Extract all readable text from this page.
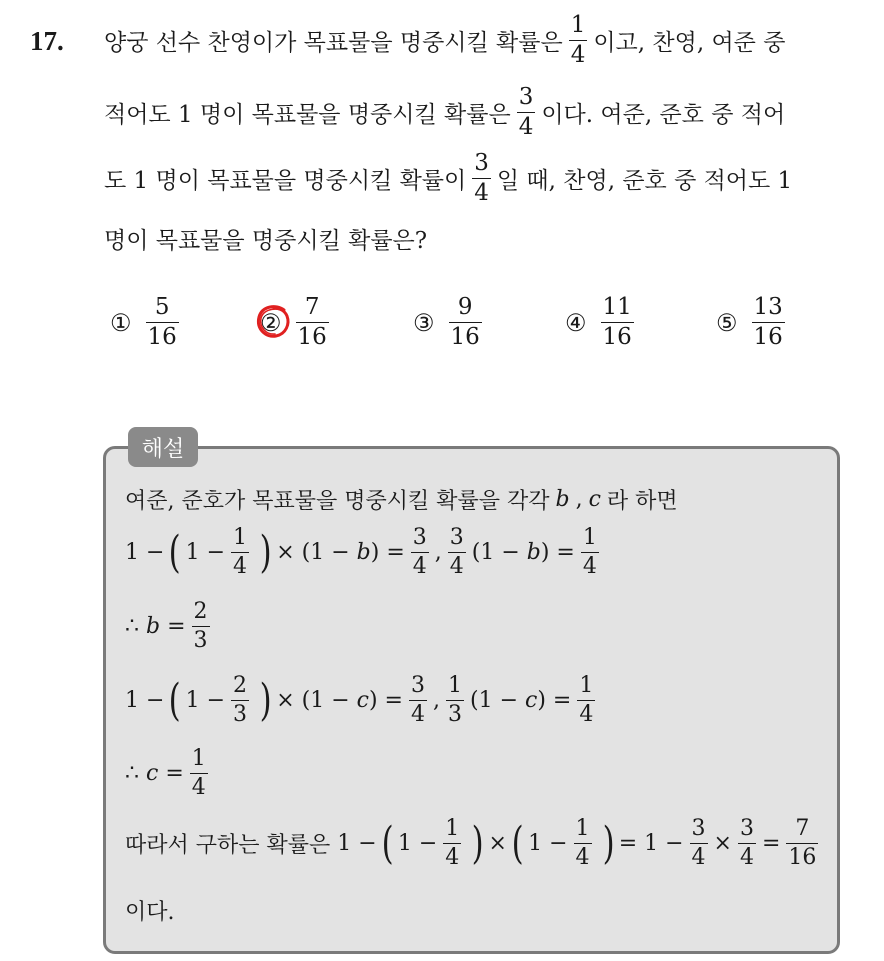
17. 양궁 선수 찬영이가 목표물을 명중시킬 확률은 $\frac{1}{4}$ 이고, 찬영, 여준 중
적어도 1 명이 목표물을 명중시킬 확률은 $\frac{3}{4}$ 이다. 여준, 준호 중 적어
도 1 명이 목표물을 명중시킬 확률이 $\frac{3}{4}$ 일 때, 찬영, 준호 중 적어도 1
명이 목표물을 명중시킬 확률은?
① $\frac{5}{16}$	② $\frac{7}{16}$	③ $\frac{9}{16}$	④ $\frac{11}{16}$	⑤ $\frac{13}{16}$
해설
여준, 준호가 목표물을 명중시킬 확률을 각각 b , c 라 하면
1 − ( $1 - \frac{1}{4}$ ) × $(1 - b) = \frac{3}{4}$ , $\frac{3}{4} (1 - b) = \frac{1}{4}$
∴ $b = \frac{2}{3}$
1 − ( $1 - \frac{2}{3}$ ) × $(1 - c) = \frac{3}{4}$ , $\frac{1}{3} (1 - c) = \frac{1}{4}$
∴ $c = \frac{1}{4}$
따라서 구하는 확률은 1 − ( $1 - \frac{1}{4}$ ) × ( $1 - \frac{1}{4}$ ) = $1 - \frac{3}{4} \times \frac{3}{4} = \frac{7}{16}$
이다.
